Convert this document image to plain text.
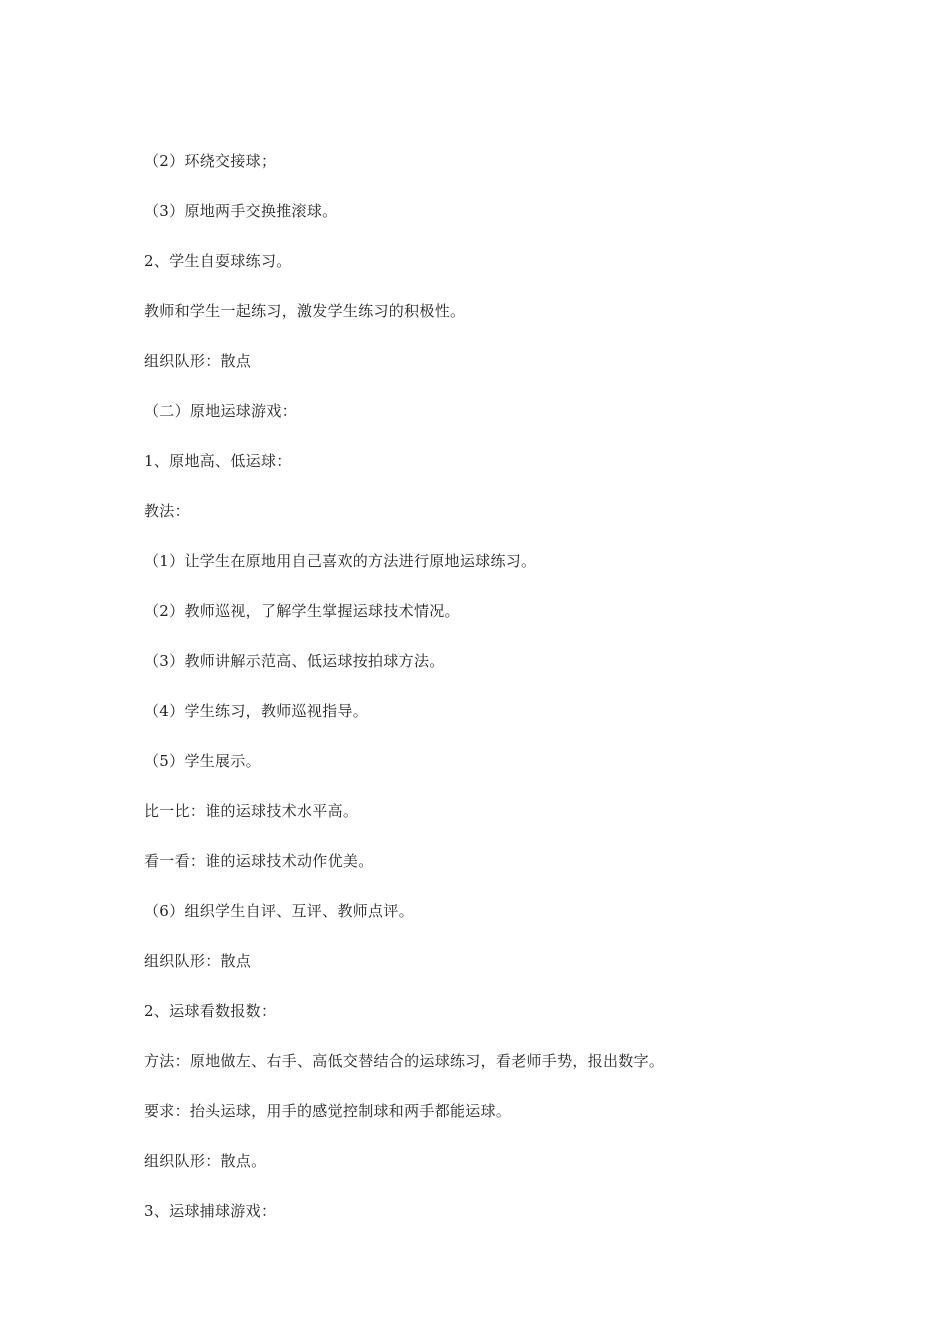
（2）环绕交接球；
（3）原地两手交换推滚球。
2、学生自耍球练习。
教师和学生一起练习，激发学生练习的积极性。
组织队形：散点
（二）原地运球游戏：
1、原地高、低运球：
教法：
（1）让学生在原地用自己喜欢的方法进行原地运球练习。
（2）教师巡视，了解学生掌握运球技术情况。
（3）教师讲解示范高、低运球按拍球方法。
（4）学生练习，教师巡视指导。
（5）学生展示。
比一比：谁的运球技术水平高。
看一看：谁的运球技术动作优美。
（6）组织学生自评、互评、教师点评。
组织队形：散点
2、运球看数报数：
方法：原地做左、右手、高低交替结合的运球练习，看老师手势，报出数字。
要求：抬头运球，用手的感觉控制球和两手都能运球。
组织队形：散点。
3、运球捕球游戏：
